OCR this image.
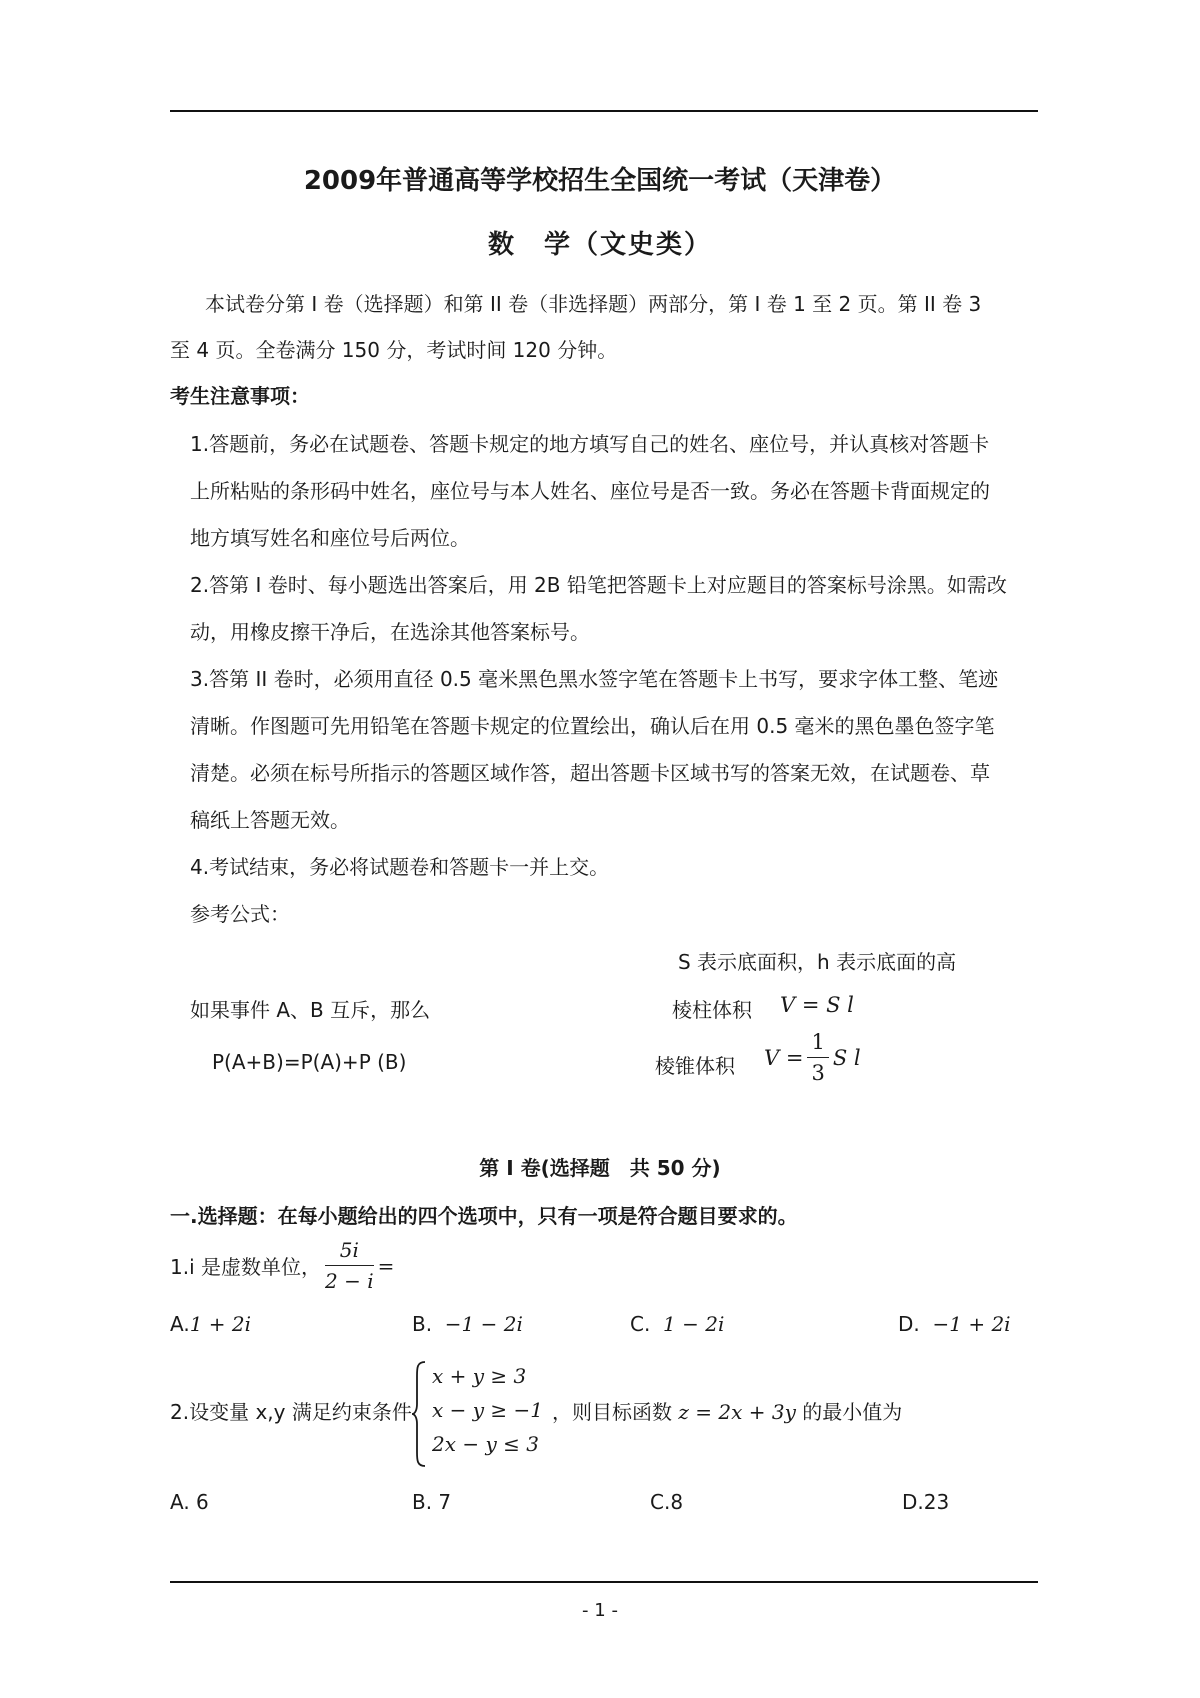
2009年普通高等学校招生全国统一考试（天津卷）
数　学（文史类）
本试卷分第 I 卷（选择题）和第 II 卷（非选择题）两部分，第 I 卷 1 至 2 页。第 II 卷 3
至 4 页。全卷满分 150 分，考试时间 120 分钟。
考生注意事项：
1.答题前，务必在试题卷、答题卡规定的地方填写自己的姓名、座位号，并认真核对答题卡
上所粘贴的条形码中姓名，座位号与本人姓名、座位号是否一致。务必在答题卡背面规定的
地方填写姓名和座位号后两位。
2.答第 I 卷时、每小题选出答案后，用 2B 铅笔把答题卡上对应题目的答案标号涂黑。如需改
动，用橡皮擦干净后，在选涂其他答案标号。
3.答第 II 卷时，必须用直径 0.5 毫米黑色黑水签字笔在答题卡上书写，要求字体工整、笔迹
清晰。作图题可先用铅笔在答题卡规定的位置绘出，确认后在用 0.5 毫米的黑色墨色签字笔
清楚。必须在标号所指示的答题区域作答，超出答题卡区域书写的答案无效，在试题卷、草
稿纸上答题无效。
4.考试结束，务必将试题卷和答题卡一并上交。
参考公式：
S 表示底面积，h 表示底面的高
如果事件 A、B 互斥，那么	棱柱体积 V = S l
P(A+B)=P(A)+P (B)	棱锥体积 $V = \frac{1}{3}$ S l
第 I 卷(选择题　共 50 分)
一.选择题：在每小题给出的四个选项中，只有一项是符合题目要求的。
1.i 是虚数单位， $\frac{5i}{2 - i}$ =
A.1 + 2i	B. −1 − 2i	C. 1 − 2i	D. −1 + 2i
2.设变量 x,y 满足约束条件
x + y ≥ 3
x − y ≥ −1
2x − y ≤ 3
，则目标函数 z = 2x + 3y 的最小值为
A. 6	B. 7	C.8	D.23
- 1 -
